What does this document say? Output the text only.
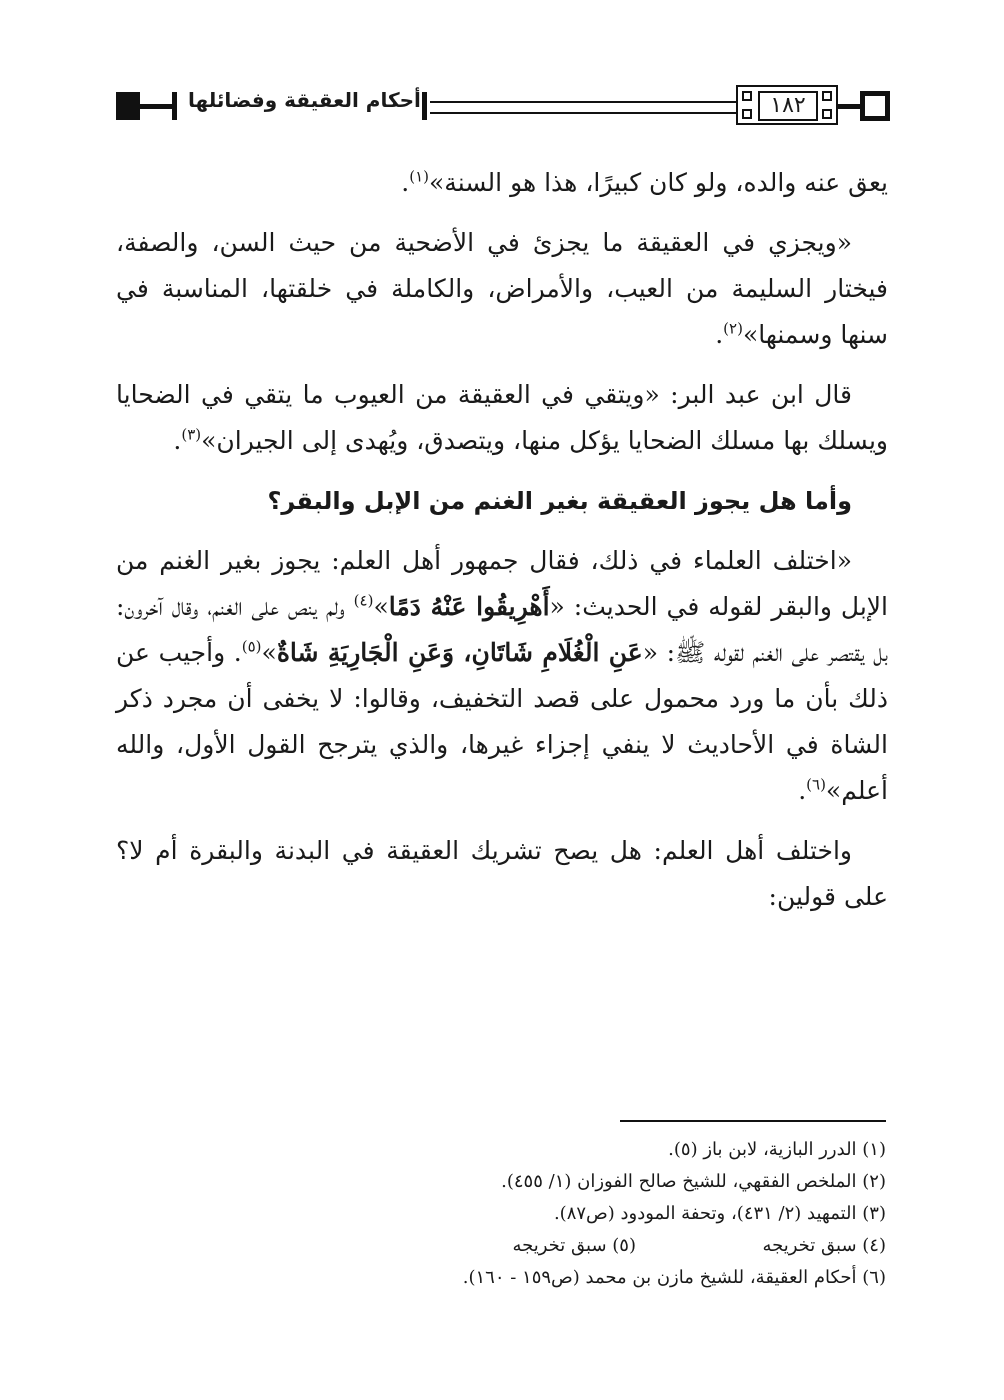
أحكام العقيقة وفضائلها	١٨٢

يعق عنه والده، ولو كان كبيرًا، هذا هو السنة»$^{(١)}$.

«ويجزي في العقيقة ما يجزئ في الأضحية من حيث السن، والصفة، فيختار السليمة من العيب، والأمراض، والكاملة في خلقتها، المناسبة في سنها وسمنها»$^{(٢)}$.

قال ابن عبد البر: «ويتقي في العقيقة من العيوب ما يتقي في الضحايا ويسلك بها مسلك الضحايا يؤكل منها، ويتصدق، ويُهدى إلى الجيران»$^{(٣)}$.

وأما هل يجوز العقيقة بغير الغنم من الإبل والبقر؟

«اختلف العلماء في ذلك، فقال جمهور أهل العلم: يجوز بغير الغنم من الإبل والبقر لقوله في الحديث: «أَهْرِيقُوا عَنْهُ دَمًا»$^{(٤)}$ ولم ينص على الغنم، وقال آخرون: بل يقتصر على الغنم لقوله ﷺ: «عَنِ الْغُلَامِ شَاتَانِ، وَعَنِ الْجَارِيَةِ شَاةٌ»$^{(٥)}$. وأجيب عن ذلك بأن ما ورد محمول على قصد التخفيف، وقالوا: لا يخفى أن مجرد ذكر الشاة في الأحاديث لا ينفي إجزاء غيرها، والذي يترجح القول الأول، والله أعلم»$^{(٦)}$.

واختلف أهل العلم: هل يصح تشريك العقيقة في البدنة والبقرة أم لا؟ على قولين:

(١) الدرر البازية، لابن باز (٥).

(٢) الملخص الفقهي، للشيخ صالح الفوزان (١/ ٤٥٥).

(٣) التمهيد (٢/ ٤٣١)، وتحفة المودود (ص٨٧).

(٤) سبق تخريجه

(٥) سبق تخريجه

(٦) أحكام العقيقة، للشيخ مازن بن محمد (ص١٥٩ - ١٦٠).
